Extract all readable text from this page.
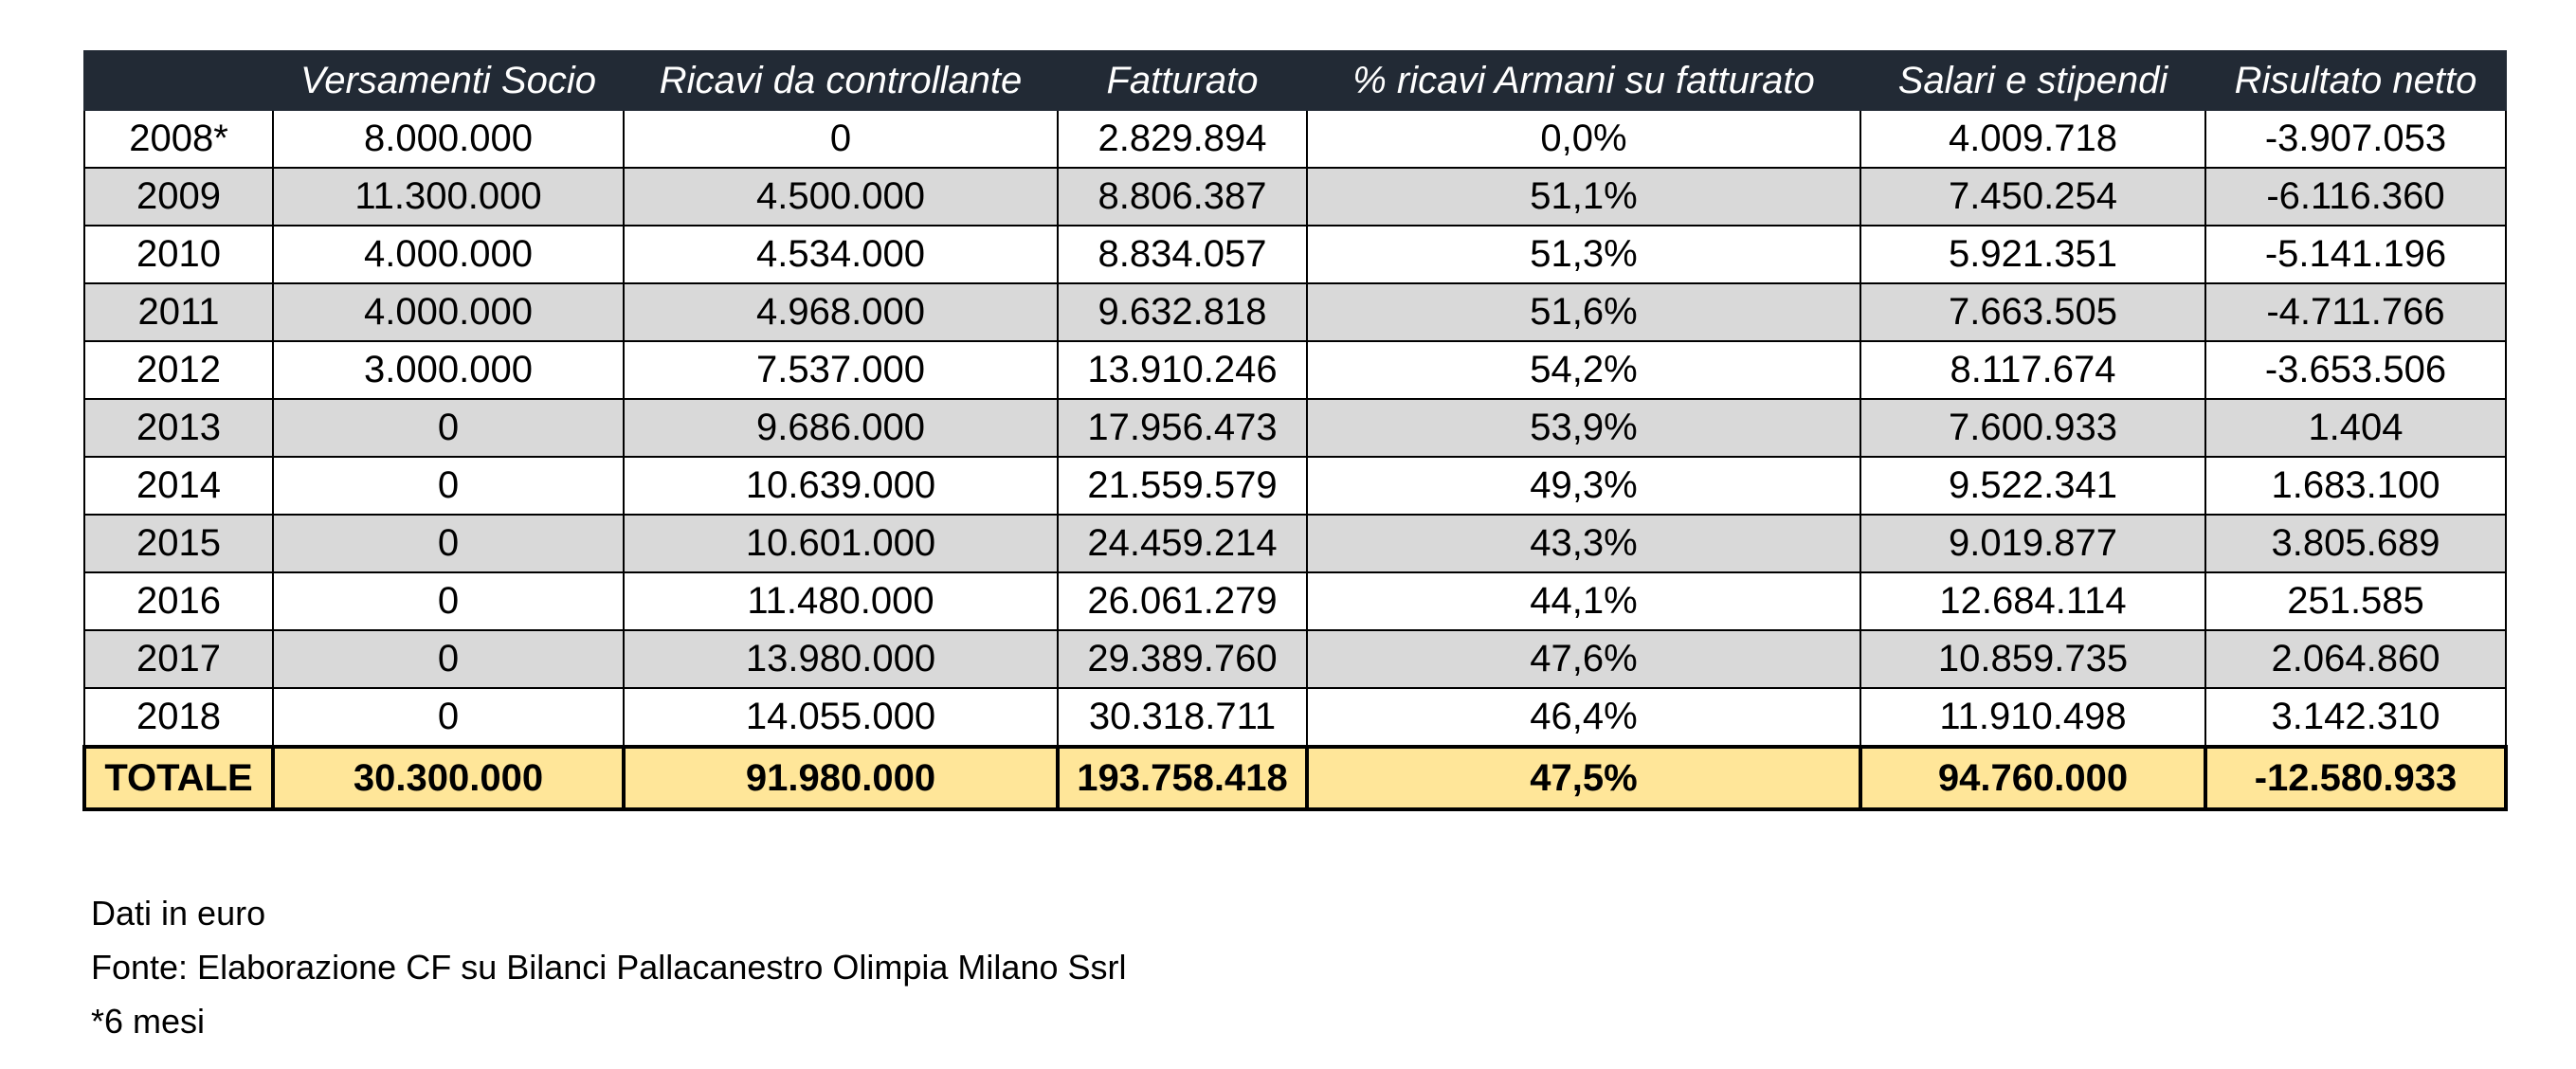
	Versamenti Socio	Ricavi da controllante	Fatturato	% ricavi Armani su fatturato	Salari e stipendi	Risultato netto
2008*	8.000.000	0	2.829.894	0,0%	4.009.718	-3.907.053
2009	11.300.000	4.500.000	8.806.387	51,1%	7.450.254	-6.116.360
2010	4.000.000	4.534.000	8.834.057	51,3%	5.921.351	-5.141.196
2011	4.000.000	4.968.000	9.632.818	51,6%	7.663.505	-4.711.766
2012	3.000.000	7.537.000	13.910.246	54,2%	8.117.674	-3.653.506
2013	0	9.686.000	17.956.473	53,9%	7.600.933	1.404
2014	0	10.639.000	21.559.579	49,3%	9.522.341	1.683.100
2015	0	10.601.000	24.459.214	43,3%	9.019.877	3.805.689
2016	0	11.480.000	26.061.279	44,1%	12.684.114	251.585
2017	0	13.980.000	29.389.760	47,6%	10.859.735	2.064.860
2018	0	14.055.000	30.318.711	46,4%	11.910.498	3.142.310
TOTALE	30.300.000	91.980.000	193.758.418	47,5%	94.760.000	-12.580.933
Dati in euro
Fonte: Elaborazione CF su Bilanci Pallacanestro Olimpia Milano Ssrl
*6 mesi
